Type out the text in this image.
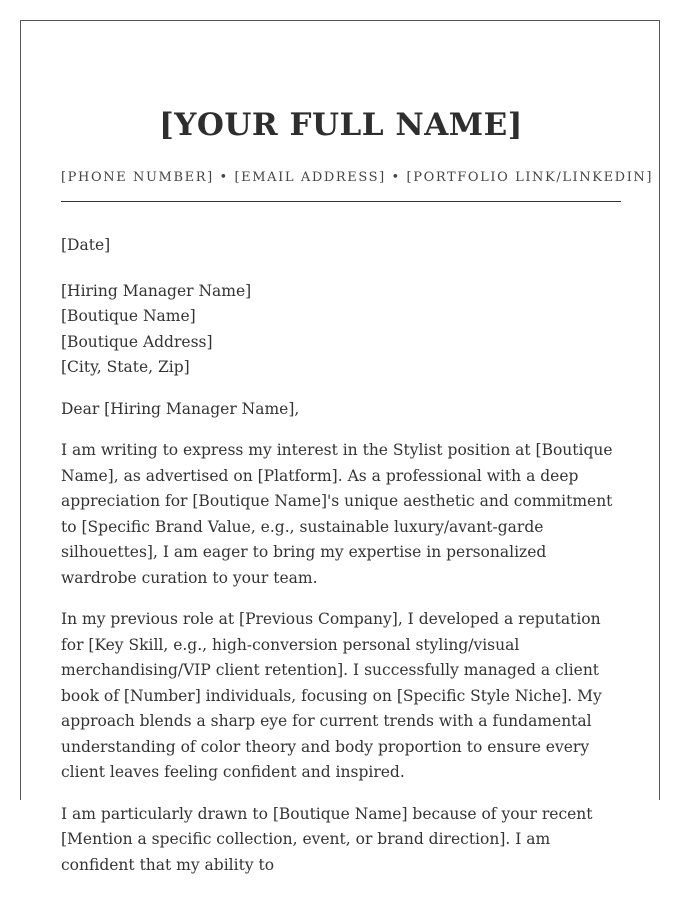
[YOUR FULL NAME]
[PHONE NUMBER] • [EMAIL ADDRESS] • [PORTFOLIO LINK/LINKEDIN]
[Date]
[Hiring Manager Name]
[Boutique Name]
[Boutique Address]
[City, State, Zip]
Dear [Hiring Manager Name],
I am writing to express my interest in the Stylist position at [Boutique Name], as advertised on [Platform]. As a professional with a deep appreciation for [Boutique Name]'s unique aesthetic and commitment to [Specific Brand Value, e.g., sustainable luxury/avant-garde silhouettes], I am eager to bring my expertise in personalized wardrobe curation to your team.
In my previous role at [Previous Company], I developed a reputation for [Key Skill, e.g., high-conversion personal styling/visual merchandising/VIP client retention]. I successfully managed a client book of [Number] individuals, focusing on [Specific Style Niche]. My approach blends a sharp eye for current trends with a fundamental understanding of color theory and body proportion to ensure every client leaves feeling confident and inspired.
I am particularly drawn to [Boutique Name] because of your recent [Mention a specific collection, event, or brand direction]. I am confident that my ability to
